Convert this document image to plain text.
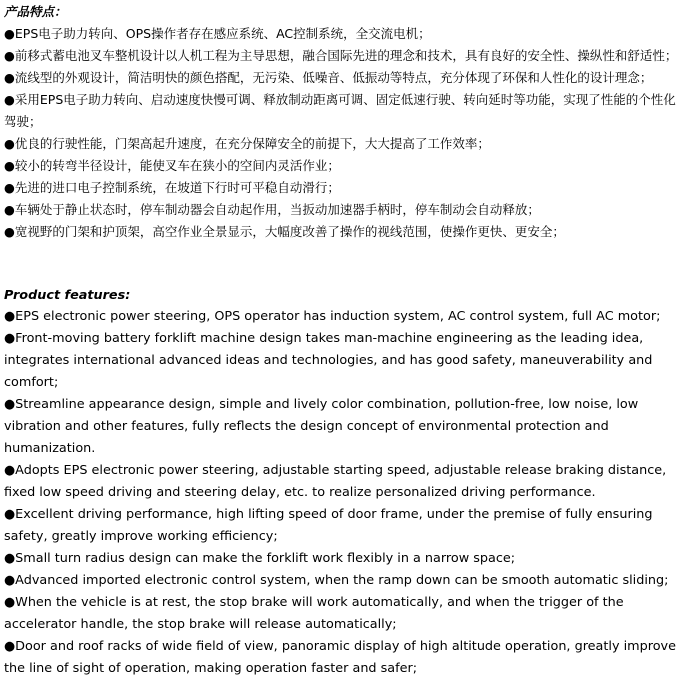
产品特点：

●EPS电子助力转向、OPS操作者存在感应系统、AC控制系统，全交流电机；
●前移式蓄电池叉车整机设计以人机工程为主导思想，融合国际先进的理念和技术，具有良好的安全性、操纵性和舒适性；
●流线型的外观设计，简洁明快的颜色搭配，无污染、低噪音、低振动等特点，充分体现了环保和人性化的设计理念；
●采用EPS电子助力转向、启动速度快慢可调、释放制动距离可调、固定低速行驶、转向延时等功能，实现了性能的个性化驾驶；
●优良的行驶性能，门架高起升速度，在充分保障安全的前提下，大大提高了工作效率；
●较小的转弯半径设计，能使叉车在狭小的空间内灵活作业；
●先进的进口电子控制系统，在坡道下行时可平稳自动滑行；
●车辆处于静止状态时，停车制动器会自动起作用，当扳动加速器手柄时，停车制动会自动释放；
●宽视野的门架和护顶架，高空作业全景显示，大幅度改善了操作的视线范围，使操作更快、更安全；

Product features:

●EPS electronic power steering, OPS operator has induction system, AC control system, full AC motor;
●Front-moving battery forklift machine design takes man-machine engineering as the leading idea, integrates international advanced ideas and technologies, and has good safety, maneuverability and comfort;
●Streamline appearance design, simple and lively color combination, pollution-free, low noise, low vibration and other features, fully reflects the design concept of environmental protection and humanization.
●Adopts EPS electronic power steering, adjustable starting speed, adjustable release braking distance, fixed low speed driving and steering delay, etc. to realize personalized driving performance.
●Excellent driving performance, high lifting speed of door frame, under the premise of fully ensuring safety, greatly improve working efficiency;
●Small turn radius design can make the forklift work flexibly in a narrow space;
●Advanced imported electronic control system, when the ramp down can be smooth automatic sliding;
●When the vehicle is at rest, the stop brake will work automatically, and when the trigger of the accelerator handle, the stop brake will release automatically;
●Door and roof racks of wide field of view, panoramic display of high altitude operation, greatly improve the line of sight of operation, making operation faster and safer;
